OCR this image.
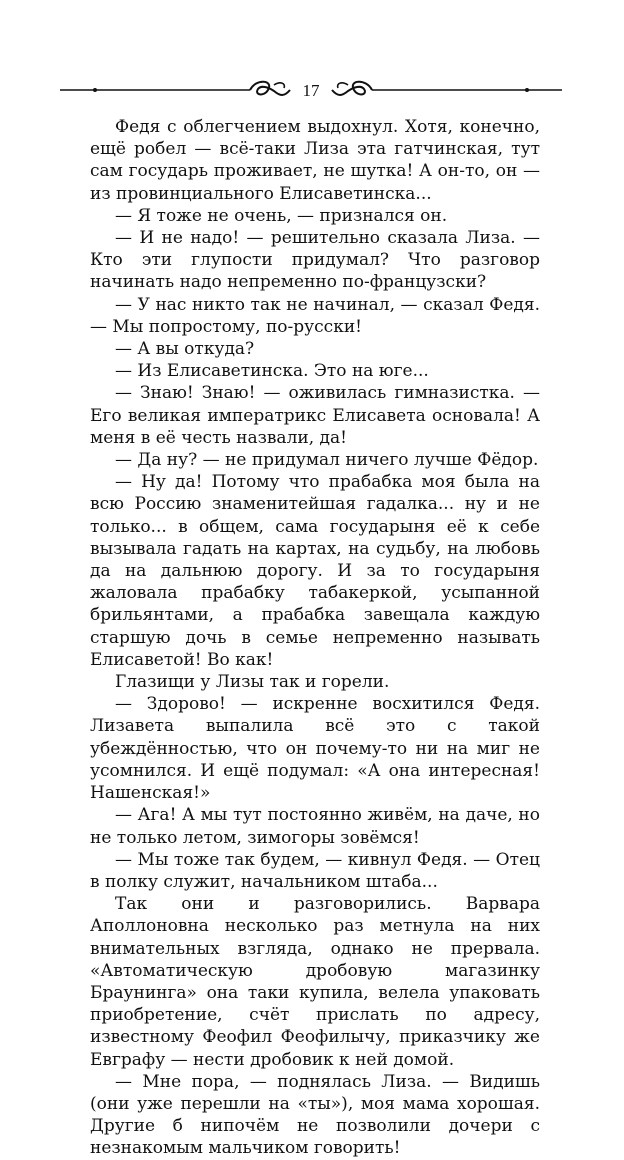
17

Федя с облегчением выдохнул. Хотя, конечно, ещё робел — всё-таки Лиза эта гатчинская, тут сам государь проживает, не шутка! А он-то, он — из провинциального Елисаветинска...

— Я тоже не очень, — признался он.

— И не надо! — решительно сказала Лиза. — Кто эти глупости придумал? Что разговор начинать надо непременно по-французски?

— У нас никто так не начинал, — сказал Федя. — Мы попростому, по-русски!

— А вы откуда?

— Из Елисаветинска. Это на юге...

— Знаю! Знаю! — оживилась гимназистка. — Его великая императрикс Елисавета основала! А меня в её честь назвали, да!

— Да ну? — не придумал ничего лучше Фёдор.

— Ну да! Потому что прабабка моя была на всю Россию знаменитейшая гадалка... ну и не только... в общем, сама государыня её к себе вызывала гадать на картах, на судьбу, на любовь да на дальнюю дорогу. И за то государыня жаловала прабабку табакеркой, усыпанной брильянтами, а прабабка завещала каждую старшую дочь в семье непременно называть Елисаветой! Во как!

Глазищи у Лизы так и горели.

— Здорово! — искренне восхитился Федя. Лизавета выпалила всё это с такой убеждённостью, что он почему-то ни на миг не усомнился. И ещё подумал: «А она интересная! Нашенская!»

— Ага! А мы тут постоянно живём, на даче, но не только летом, зимогоры зовёмся!

— Мы тоже так будем, — кивнул Федя. — Отец в полку служит, начальником штаба...

Так они и разговорились. Варвара Аполлоновна несколько раз метнула на них внимательных взгляда, однако не прервала. «Автоматическую дробовую магазинку Браунинга» она таки купила, велела упаковать приобретение, счёт прислать по адресу, известному Феофил Феофилычу, приказчику же Евграфу — нести дробовик к ней домой.

— Мне пора, — поднялась Лиза. — Видишь (они уже перешли на «ты»), моя мама хорошая. Другие б нипочём не позволили дочери с незнакомым мальчиком говорить!
